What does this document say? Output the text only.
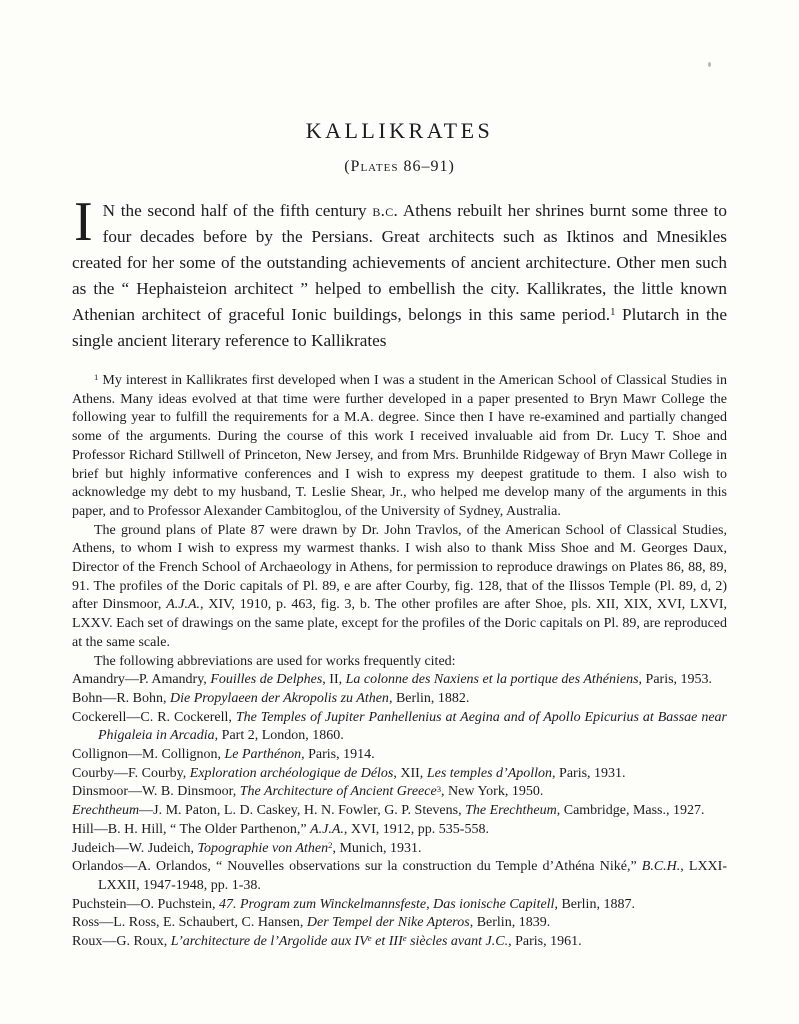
KALLIKRATES

(Plates 86–91)

I N the second half of the fifth century b.c. Athens rebuilt her shrines burnt some three to four decades before by the Persians. Great architects such as Iktinos and Mnesikles created for her some of the outstanding achievements of ancient architecture. Other men such as the “ Hephaisteion architect ” helped to embellish the city. Kallikrates, the little known Athenian architect of graceful Ionic buildings, belongs in this same period.$^1$ Plutarch in the single ancient literary reference to Kallikrates

$^1$ My interest in Kallikrates first developed when I was a student in the American School of Classical Studies in Athens. Many ideas evolved at that time were further developed in a paper presented to Bryn Mawr College the following year to fulfill the requirements for a M.A. degree. Since then I have re-examined and partially changed some of the arguments. During the course of this work I received invaluable aid from Dr. Lucy T. Shoe and Professor Richard Stillwell of Princeton, New Jersey, and from Mrs. Brunhilde Ridgeway of Bryn Mawr College in brief but highly informative conferences and I wish to express my deepest gratitude to them. I also wish to acknowledge my debt to my husband, T. Leslie Shear, Jr., who helped me develop many of the arguments in this paper, and to Professor Alexander Cambitoglou, of the University of Sydney, Australia.

The ground plans of Plate 87 were drawn by Dr. John Travlos, of the American School of Classical Studies, Athens, to whom I wish to express my warmest thanks. I wish also to thank Miss Shoe and M. Georges Daux, Director of the French School of Archaeology in Athens, for permission to reproduce drawings on Plates 86, 88, 89, 91. The profiles of the Doric capitals of Pl. 89, e are after Courby, fig. 128, that of the Ilissos Temple (Pl. 89, d, 2) after Dinsmoor, A.J.A., XIV, 1910, p. 463, fig. 3, b. The other profiles are after Shoe, pls. XII, XIX, XVI, LXVI, LXXV. Each set of drawings on the same plate, except for the profiles of the Doric capitals on Pl. 89, are reproduced at the same scale.

The following abbreviations are used for works frequently cited:

Amandry—P. Amandry, Fouilles de Delphes, II, La colonne des Naxiens et la portique des Athéniens, Paris, 1953.

Bohn—R. Bohn, Die Propylaeen der Akropolis zu Athen, Berlin, 1882.

Cockerell—C. R. Cockerell, The Temples of Jupiter Panhellenius at Aegina and of Apollo Epicurius at Bassae near Phigaleia in Arcadia, Part 2, London, 1860.

Collignon—M. Collignon, Le Parthénon, Paris, 1914.

Courby—F. Courby, Exploration archéologique de Délos, XII, Les temples d’Apollon, Paris, 1931.

Dinsmoor—W. B. Dinsmoor, The Architecture of Ancient Greece$^3$, New York, 1950.

Erechtheum—J. M. Paton, L. D. Caskey, H. N. Fowler, G. P. Stevens, The Erechtheum, Cambridge, Mass., 1927.

Hill—B. H. Hill, “ The Older Parthenon,” A.J.A., XVI, 1912, pp. 535-558.

Judeich—W. Judeich, Topographie von Athen$^2$, Munich, 1931.

Orlandos—A. Orlandos, “ Nouvelles observations sur la construction du Temple d’Athéna Niké,” B.C.H., LXXI-LXXII, 1947-1948, pp. 1-38.

Puchstein—O. Puchstein, 47. Program zum Winckelmannsfeste, Das ionische Capitell, Berlin, 1887.

Ross—L. Ross, E. Schaubert, C. Hansen, Der Tempel der Nike Apteros, Berlin, 1839.

Roux—G. Roux, L’architecture de l’Argolide aux IVe et IIIe siècles avant J.C., Paris, 1961.
